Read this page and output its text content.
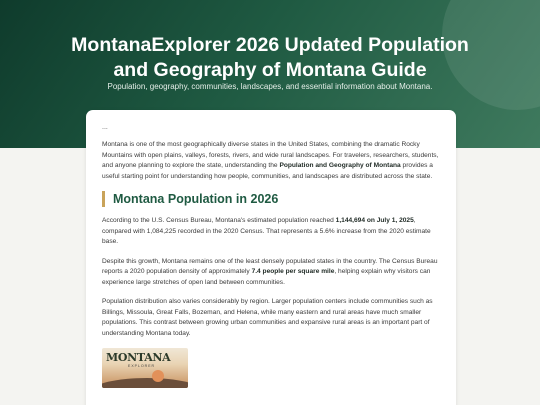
MontanaExplorer 2026 Updated Population and Geography of Montana Guide
Population, geography, communities, landscapes, and essential information about Montana.
...

Montana is one of the most geographically diverse states in the United States, combining the dramatic Rocky Mountains with open plains, valleys, forests, rivers, and wide rural landscapes. For travelers, researchers, students, and anyone planning to explore the state, understanding the Population and Geography of Montana provides a useful starting point for understanding how people, communities, and landscapes are distributed across the state.

Montana Population in 2026

According to the U.S. Census Bureau, Montana's estimated population reached 1,144,694 on July 1, 2025, compared with 1,084,225 recorded in the 2020 Census. That represents a 5.6% increase from the 2020 estimate base.

Despite this growth, Montana remains one of the least densely populated states in the country. The Census Bureau reports a 2020 population density of approximately 7.4 people per square mile, helping explain why visitors can experience large stretches of open land between communities.

Population distribution also varies considerably by region. Larger population centers include communities such as Billings, Missoula, Great Falls, Bozeman, and Helena, while many eastern and rural areas have much smaller populations. This contrast between growing urban communities and expansive rural areas is an important part of understanding Montana today.

MONTANA
EXPLORER
